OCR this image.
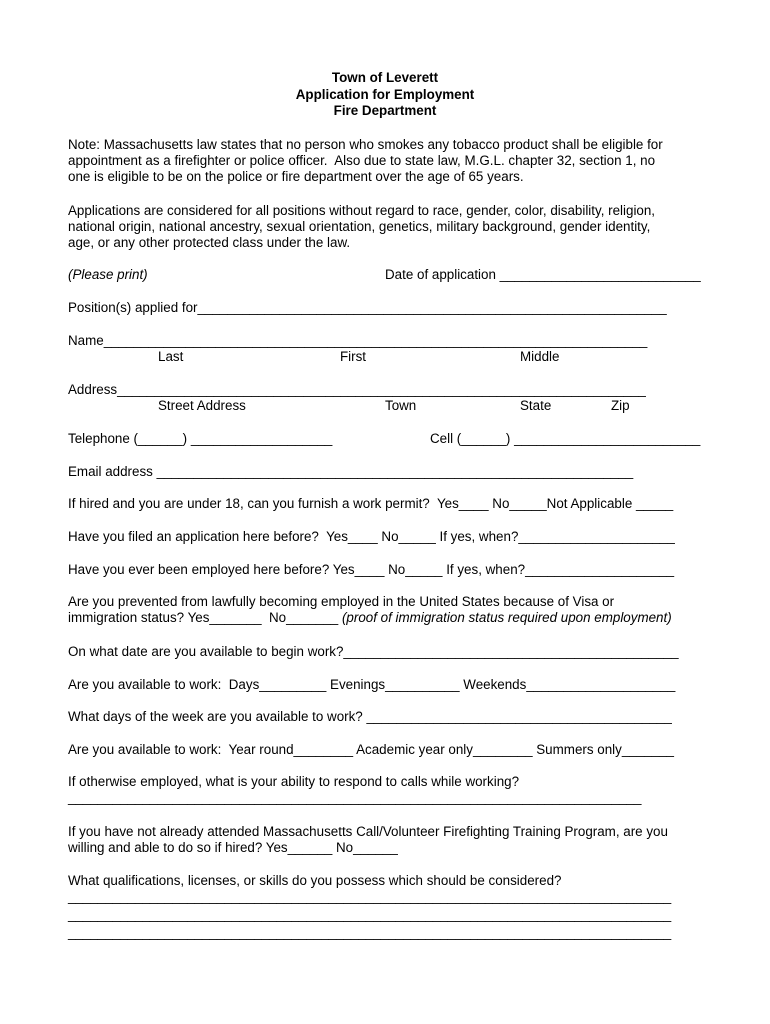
Town of Leverett
Application for Employment
Fire Department
Note: Massachusetts law states that no person who smokes any tobacco product shall be eligible for
appointment as a firefighter or police officer.  Also due to state law, M.G.L. chapter 32, section 1, no
one is eligible to be on the police or fire department over the age of 65 years.
Applications are considered for all positions without regard to race, gender, color, disability, religion,
national origin, national ancestry, sexual orientation, genetics, military background, gender identity,
age, or any other protected class under the law.
(Please print)	Date of application ___________________________
Position(s) applied for_______________________________________________________________
Name_________________________________________________________________________
Last	First	Middle
Address_______________________________________________________________________
Street Address	Town	State	Zip
Telephone (______) ___________________	Cell (______) _________________________
Email address ________________________________________________________________
If hired and you are under 18, can you furnish a work permit?  Yes____ No_____Not Applicable _____
Have you filed an application here before?  Yes____ No_____ If yes, when?_____________________
Have you ever been employed here before? Yes____ No_____ If yes, when?____________________
Are you prevented from lawfully becoming employed in the United States because of Visa or
immigration status? Yes_______  No_______ (proof of immigration status required upon employment)
On what date are you available to begin work?_____________________________________________
Are you available to work:  Days_________ Evenings__________ Weekends____________________
What days of the week are you available to work? _________________________________________
Are you available to work:  Year round________ Academic year only________ Summers only_______
If otherwise employed, what is your ability to respond to calls while working?
_____________________________________________________________________________
If you have not already attended Massachusetts Call/Volunteer Firefighting Training Program, are you
willing and able to do so if hired? Yes______ No______
What qualifications, licenses, or skills do you possess which should be considered?
_________________________________________________________________________________
_________________________________________________________________________________
_________________________________________________________________________________
